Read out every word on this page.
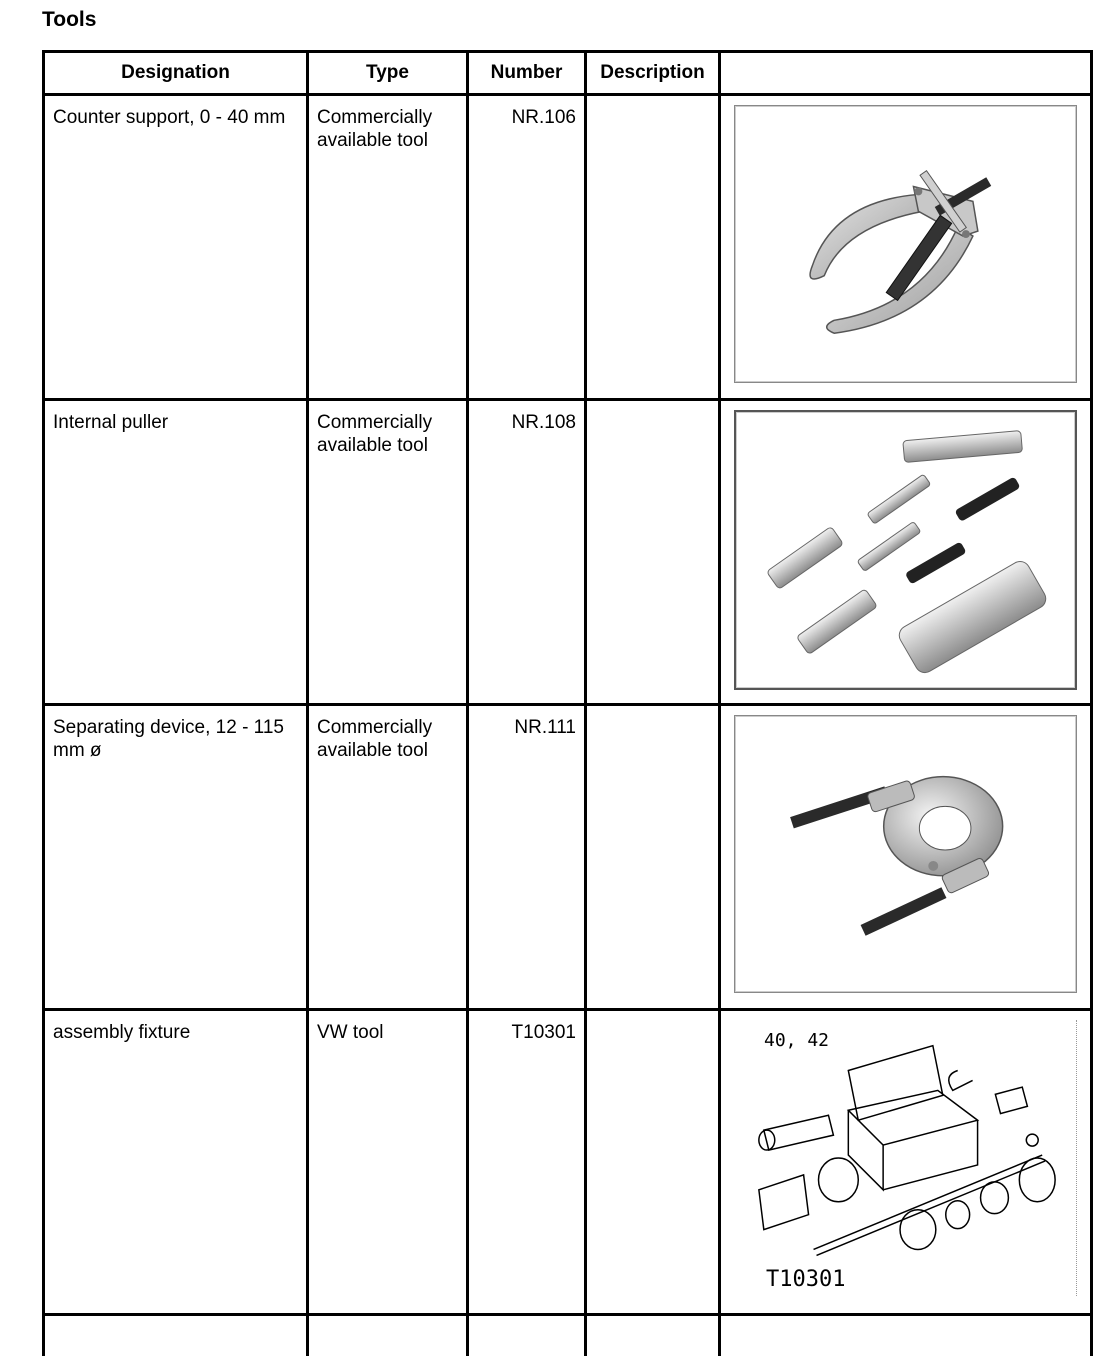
Tools
Designation	Type	Number	Description	
Counter support, 0 - 40 mm	Commercially available tool	NR.106		

Internal puller	Commercially available tool	NR.108		

Separating device, 12 - 115 mm ø	Commercially available tool	NR.111		

assembly fixture	VW tool	T10301		40, 42
T10301
